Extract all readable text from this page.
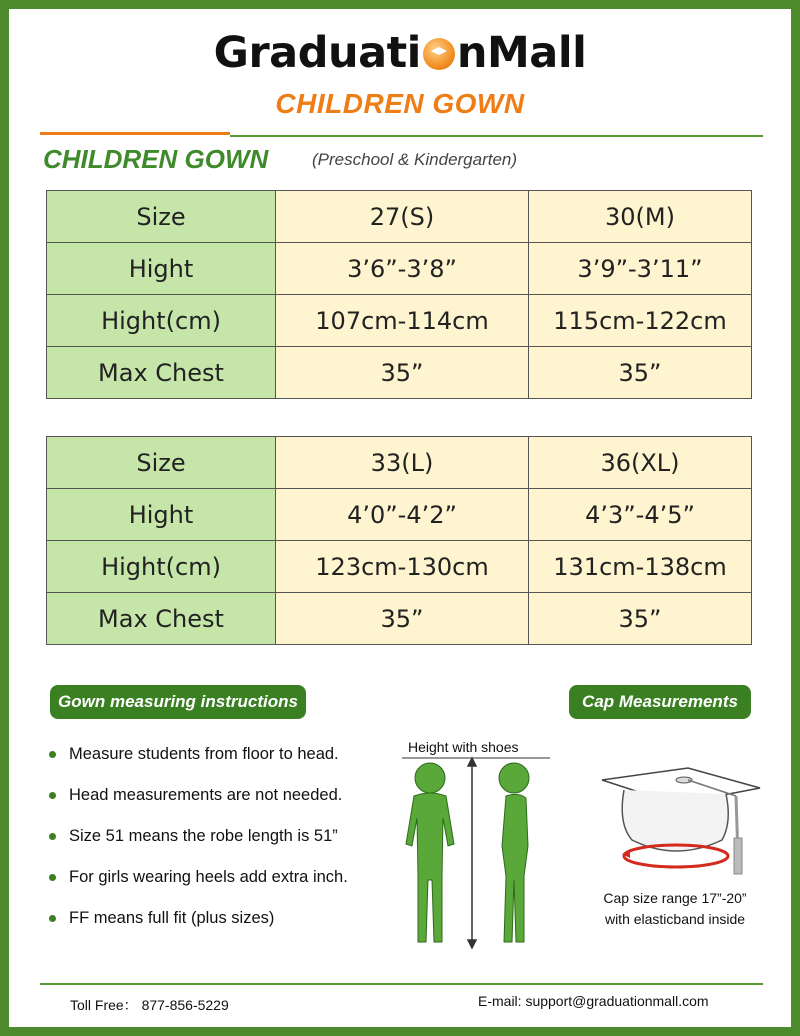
Graduati nMall
CHILDREN GOWN
CHILDREN GOWN	(Preschool & Kindergarten)
Size	27(S)	30(M)
Hight	3’6”-3’8”	3’9”-3’11”
Hight(cm)	107cm-114cm	115cm-122cm
Max Chest	35”	35”
Size	33(L)	36(XL)
Hight	4’0”-4’2”	4’3”-4’5”
Hight(cm)	123cm-130cm	131cm-138cm
Max Chest	35”	35”
Gown measuring instructions	Cap Measurements
Measure students from floor to head.
Head measurements are not needed.
Size 51 means the robe length is 51”
For girls wearing heels add extra inch.
FF means full fit (plus sizes)
Height with shoes
Cap size range 17”-20”
with elasticband inside
Toll Free： 877-856-5229	E-mail: support@graduationmall.com
